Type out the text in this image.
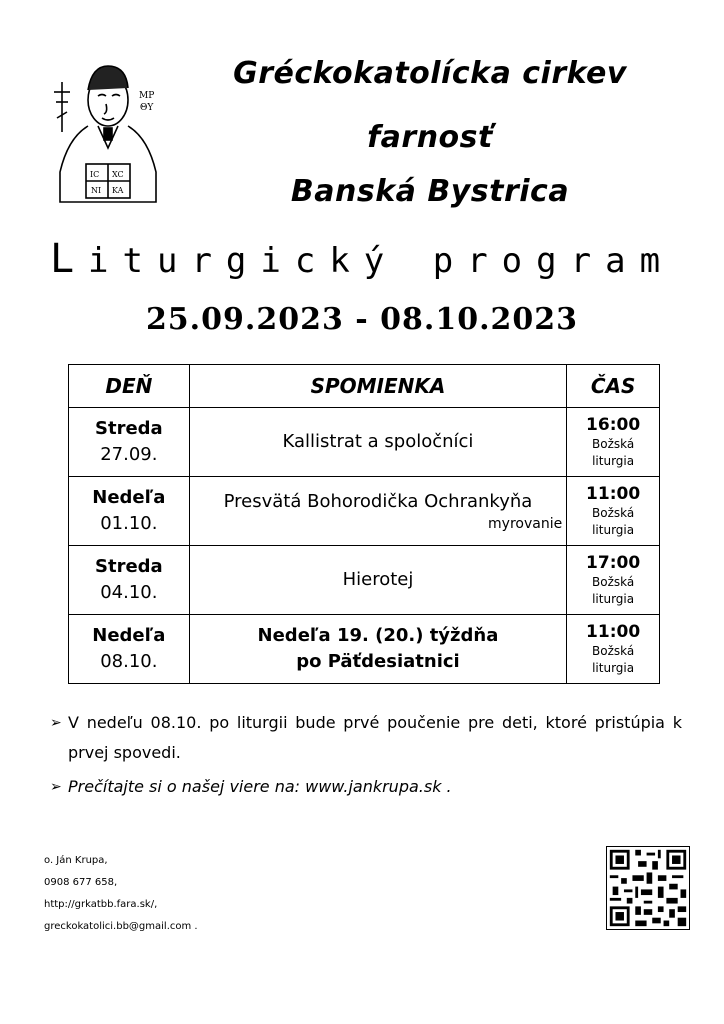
MP
ΘY
IC XC
NI KA
Gréckokatolícka cirkev
farnosť
Banská Bystrica
Liturgický program
25.09.2023 - 08.10.2023
DEŇ	SPOMIENKA	ČAS

Streda
27.09.	Kallistrat a spoločníci	16:00
Božská
liturgia

Nedeľa
01.10.	Presvätá Bohorodička Ochrankyňa
myrovanie	11:00
Božská
liturgia

Streda
04.10.	Hierotej	17:00
Božská
liturgia

Nedeľa
08.10.	Nedeľa 19. (20.) týždňa
po Päťdesiatnici	11:00
Božská
liturgia
➢ V nedeľu 08.10. po liturgii bude prvé poučenie pre deti, ktoré pristúpia k prvej spovedi.
➢ Prečítajte si o našej viere na: www.jankrupa.sk .
o. Ján Krupa,
0908 677 658,
http://grkatbb.fara.sk/,
greckokatolici.bb@gmail.com .
